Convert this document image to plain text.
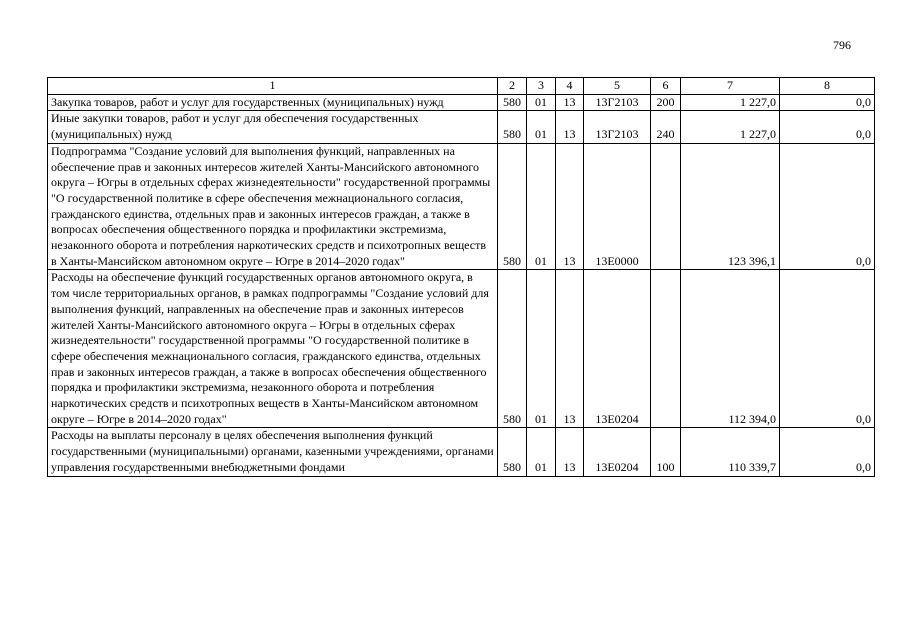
796
1	2	3	4	5	6	7	8
Закупка товаров, работ и услуг для государственных (муниципальных) нужд	580	01	13	13Г2103	200	1 227,0	0,0
Иные закупки товаров, работ и услуг для обеспечения государственных (муниципальных) нужд	580	01	13	13Г2103	240	1 227,0	0,0
Подпрограмма "Создание условий для выполнения функций, направленных на обеспечение прав и законных интересов жителей Ханты-Мансийского автономного округа – Югры в отдельных сферах жизнедеятельности" государственной программы "О государственной политике в сфере обеспечения межнационального согласия, гражданского единства, отдельных прав и законных интересов граждан, а также в вопросах обеспечения общественного порядка и профилактики экстремизма, незаконного оборота и потребления наркотических средств и психотропных веществ в Ханты-Мансийском автономном округе – Югре в 2014–2020 годах"	580	01	13	13Е0000		123 396,1	0,0
Расходы на обеспечение функций государственных органов автономного округа, в том числе территориальных органов, в рамках подпрограммы "Создание условий для выполнения функций, направленных на обеспечение прав и законных интересов жителей Ханты-Мансийского автономного округа – Югры в отдельных сферах жизнедеятельности" государственной программы "О государственной политике в сфере обеспечения межнационального согласия, гражданского единства, отдельных прав и законных интересов граждан, а также в вопросах обеспечения общественного порядка и профилактики экстремизма, незаконного оборота и потребления наркотических средств и психотропных веществ в Ханты-Мансийском автономном округе – Югре в 2014–2020 годах"	580	01	13	13Е0204		112 394,0	0,0
Расходы на выплаты персоналу в целях обеспечения выполнения функций государственными (муниципальными) органами, казенными учреждениями, органами управления государственными внебюджетными фондами	580	01	13	13Е0204	100	110 339,7	0,0
